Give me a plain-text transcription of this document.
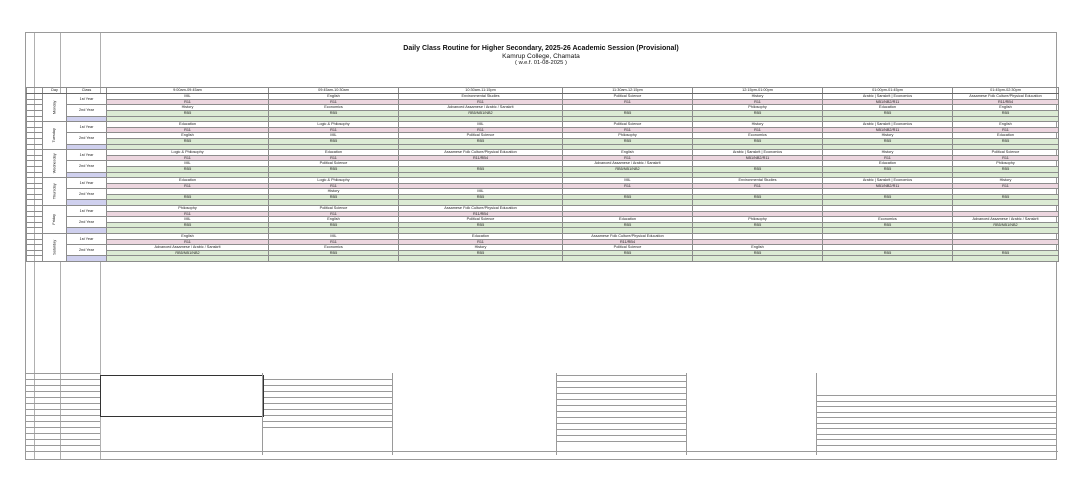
Daily Class Routine for Higher Secondary, 2025-26 Academic Session (Provisional)
Kamrup College, Chamata
( w.e.f. 01-08-2025 )
	Day	Class	9:00am-09:45am	09:45am-10:30am	10:30am-11:15pm	11:30am-12:15pm	12:15pm-01:00pm	01:00pm-01:45pm	01:45pm-02:30pm
	Monday	1st Year	MIL	English	Environmental Studies	Political Science	History	Arabic | Sanskrit | Economics	Assamese Folk Culture/Physical Education
			R11	R11	R11	R11	R11	NB1/NB2/R11	R11/RB4
		2nd Year	History	Economics	Advanced Assamese / Arabic / Sanskrit		Philosophy	Education	English
			RB5	RB5	RB5/NB1/NB2	RB5	RB5	RB5	RB5

	Tuesday	1st Year	Education	Logic & Philosophy	MIL	Political Science	History	Arabic | Sanskrit | Economics	English
			R11	R11	R11	R11	R11	NB1/NB2/R11	R11
		2nd Year	English	MIL	Political Science	Philosophy	Economics	History	Education
			RB5	RB5	RB5	RB5	RB5	RB5	RB5

	Wednesday	1st Year	Logic & Philosophy	Education	Assamese Folk Culture/Physical Education	English	Arabic | Sanskrit | Economics	History	Political Science
			R11	R11	R11/RB4	R11	NB1/NB2/R11	R11	R11
		2nd Year	MIL	Political Science		Advanced Assamese / Arabic / Sanskrit		Education	Philosophy
			RB5	RB5	RB5	RB5/NB1/NB2	RB5	RB5	RB5

	Thursday	1st Year	Education	Logic & Philosophy		MIL	Environmental Studies	Arabic | Sanskrit | Economics	History
			R11	R11		R11	R11	NB1/NB2/R11	R11
		2nd Year		History	MIL				
			RB5	RB5	RB5	RB5	RB5	RB5	RB5

	Friday	1st Year	Philosophy	Political Science	Assamese Folk Culture/Physical Education				
			R11	R11	R11/RB4				
		2nd Year	MIL	English	Political Science	Education	Philosophy	Economics	Advanced Assamese / Arabic / Sanskrit
			RB5	RB5	RB5	RB5	RB5	RB5	RB5/NB1/NB2

	Saturday	1st Year	English	MIL	Education	Assamese Folk Culture/Physical Education			
			R11	R11	R11	R11/RB4			
		2nd Year	Advanced Assamese / Arabic / Sanskrit	Economics	History	Political Science	English		
			RB5/NB1/NB2	RB5	RB5	RB5	RB5	RB5	RB5
